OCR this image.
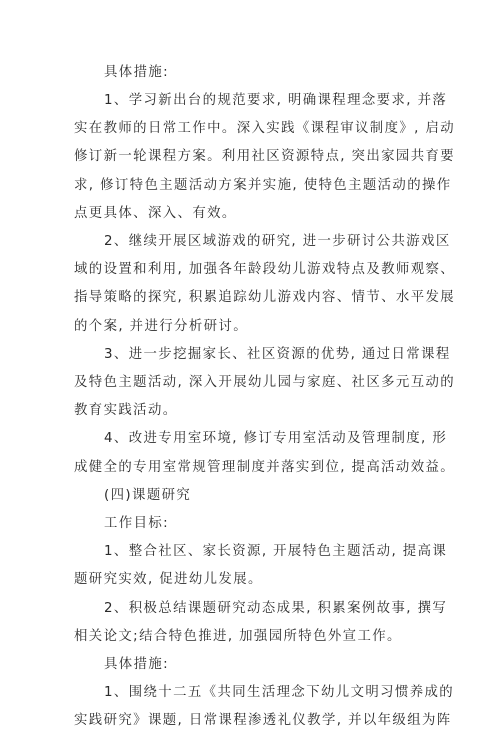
具体措施:
1、学习新出台的规范要求, 明确课程理念要求, 并落
实在教师的日常工作中。深入实践《课程审议制度》, 启动
修订新一轮课程方案。利用社区资源特点, 突出家园共育要
求, 修订特色主题活动方案并实施, 使特色主题活动的操作
点更具体、深入、有效。
2、继续开展区域游戏的研究, 进一步研讨公共游戏区
域的设置和利用, 加强各年龄段幼儿游戏特点及教师观察、
指导策略的探究, 积累追踪幼儿游戏内容、情节、水平发展
的个案, 并进行分析研讨。
3、进一步挖掘家长、社区资源的优势, 通过日常课程
及特色主题活动, 深入开展幼儿园与家庭、社区多元互动的
教育实践活动。
4、改进专用室环境, 修订专用室活动及管理制度, 形
成健全的专用室常规管理制度并落实到位, 提高活动效益。
(四)课题研究
工作目标:
1、整合社区、家长资源, 开展特色主题活动, 提高课
题研究实效, 促进幼儿发展。
2、积极总结课题研究动态成果, 积累案例故事, 撰写
相关论文;结合特色推进, 加强园所特色外宣工作。
具体措施:
1、围绕十二五《共同生活理念下幼儿文明习惯养成的
实践研究》课题, 日常课程渗透礼仪教学, 并以年级组为阵
